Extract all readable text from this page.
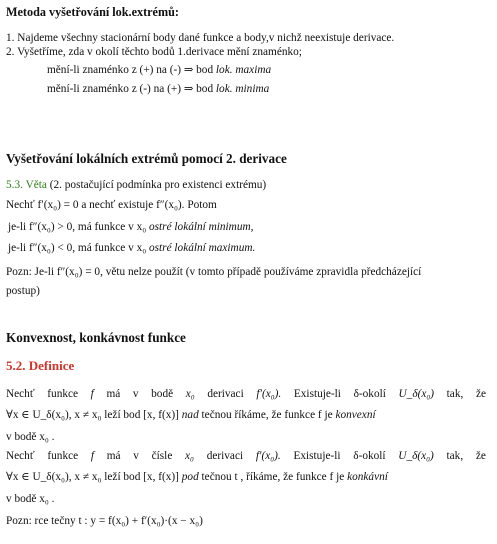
Metoda vyšetřování lok.extrémů:
1. Najdeme všechny stacionární body dané funkce a body,v nichž neexistuje derivace.
2. Vyšetříme, zda v okolí těchto bodů 1.derivace mění znaménko;
mění-li znaménko z (+) na (-) ⇒ bod lok. maxima
mění-li znaménko z (-) na (+) ⇒ bod lok. minima
Vyšetřování lokálních extrémů pomocí 2. derivace
5.3. Věta (2. postačující podmínka pro existenci extrému)
Nechť f′(x₀) = 0 a nechť existuje f″(x₀). Potom
je-li f″(x₀) > 0, má funkce v x₀ ostré lokální minimum,
je-li f″(x₀) < 0, má funkce v x₀ ostré lokální maximum.
Pozn: Je-li f″(x₀) = 0, větu nelze použít (v tomto případě používáme zpravidla předcházející
postup)
Konvexnost, konkávnost funkce
5.2. Definice
Nechť funkce f má v bodě x₀ derivaci f′(x₀). Existuje-li δ-okolí U_δ(x₀) tak, že
∀x ∈ U_δ(x₀), x ≠ x₀ leží bod [x, f(x)] nad tečnou říkáme, že funkce f je konvexní
v bodě x₀ .
Nechť funkce f má v čísle x₀ derivaci f′(x₀). Existuje-li δ-okolí U_δ(x₀) tak, že
∀x ∈ U_δ(x₀), x ≠ x₀ leží bod [x, f(x)] pod tečnou t , říkáme, že funkce f je konkávní
v bodě x₀ .
Pozn: rce tečny t : y = f(x₀) + f′(x₀)·(x − x₀)
